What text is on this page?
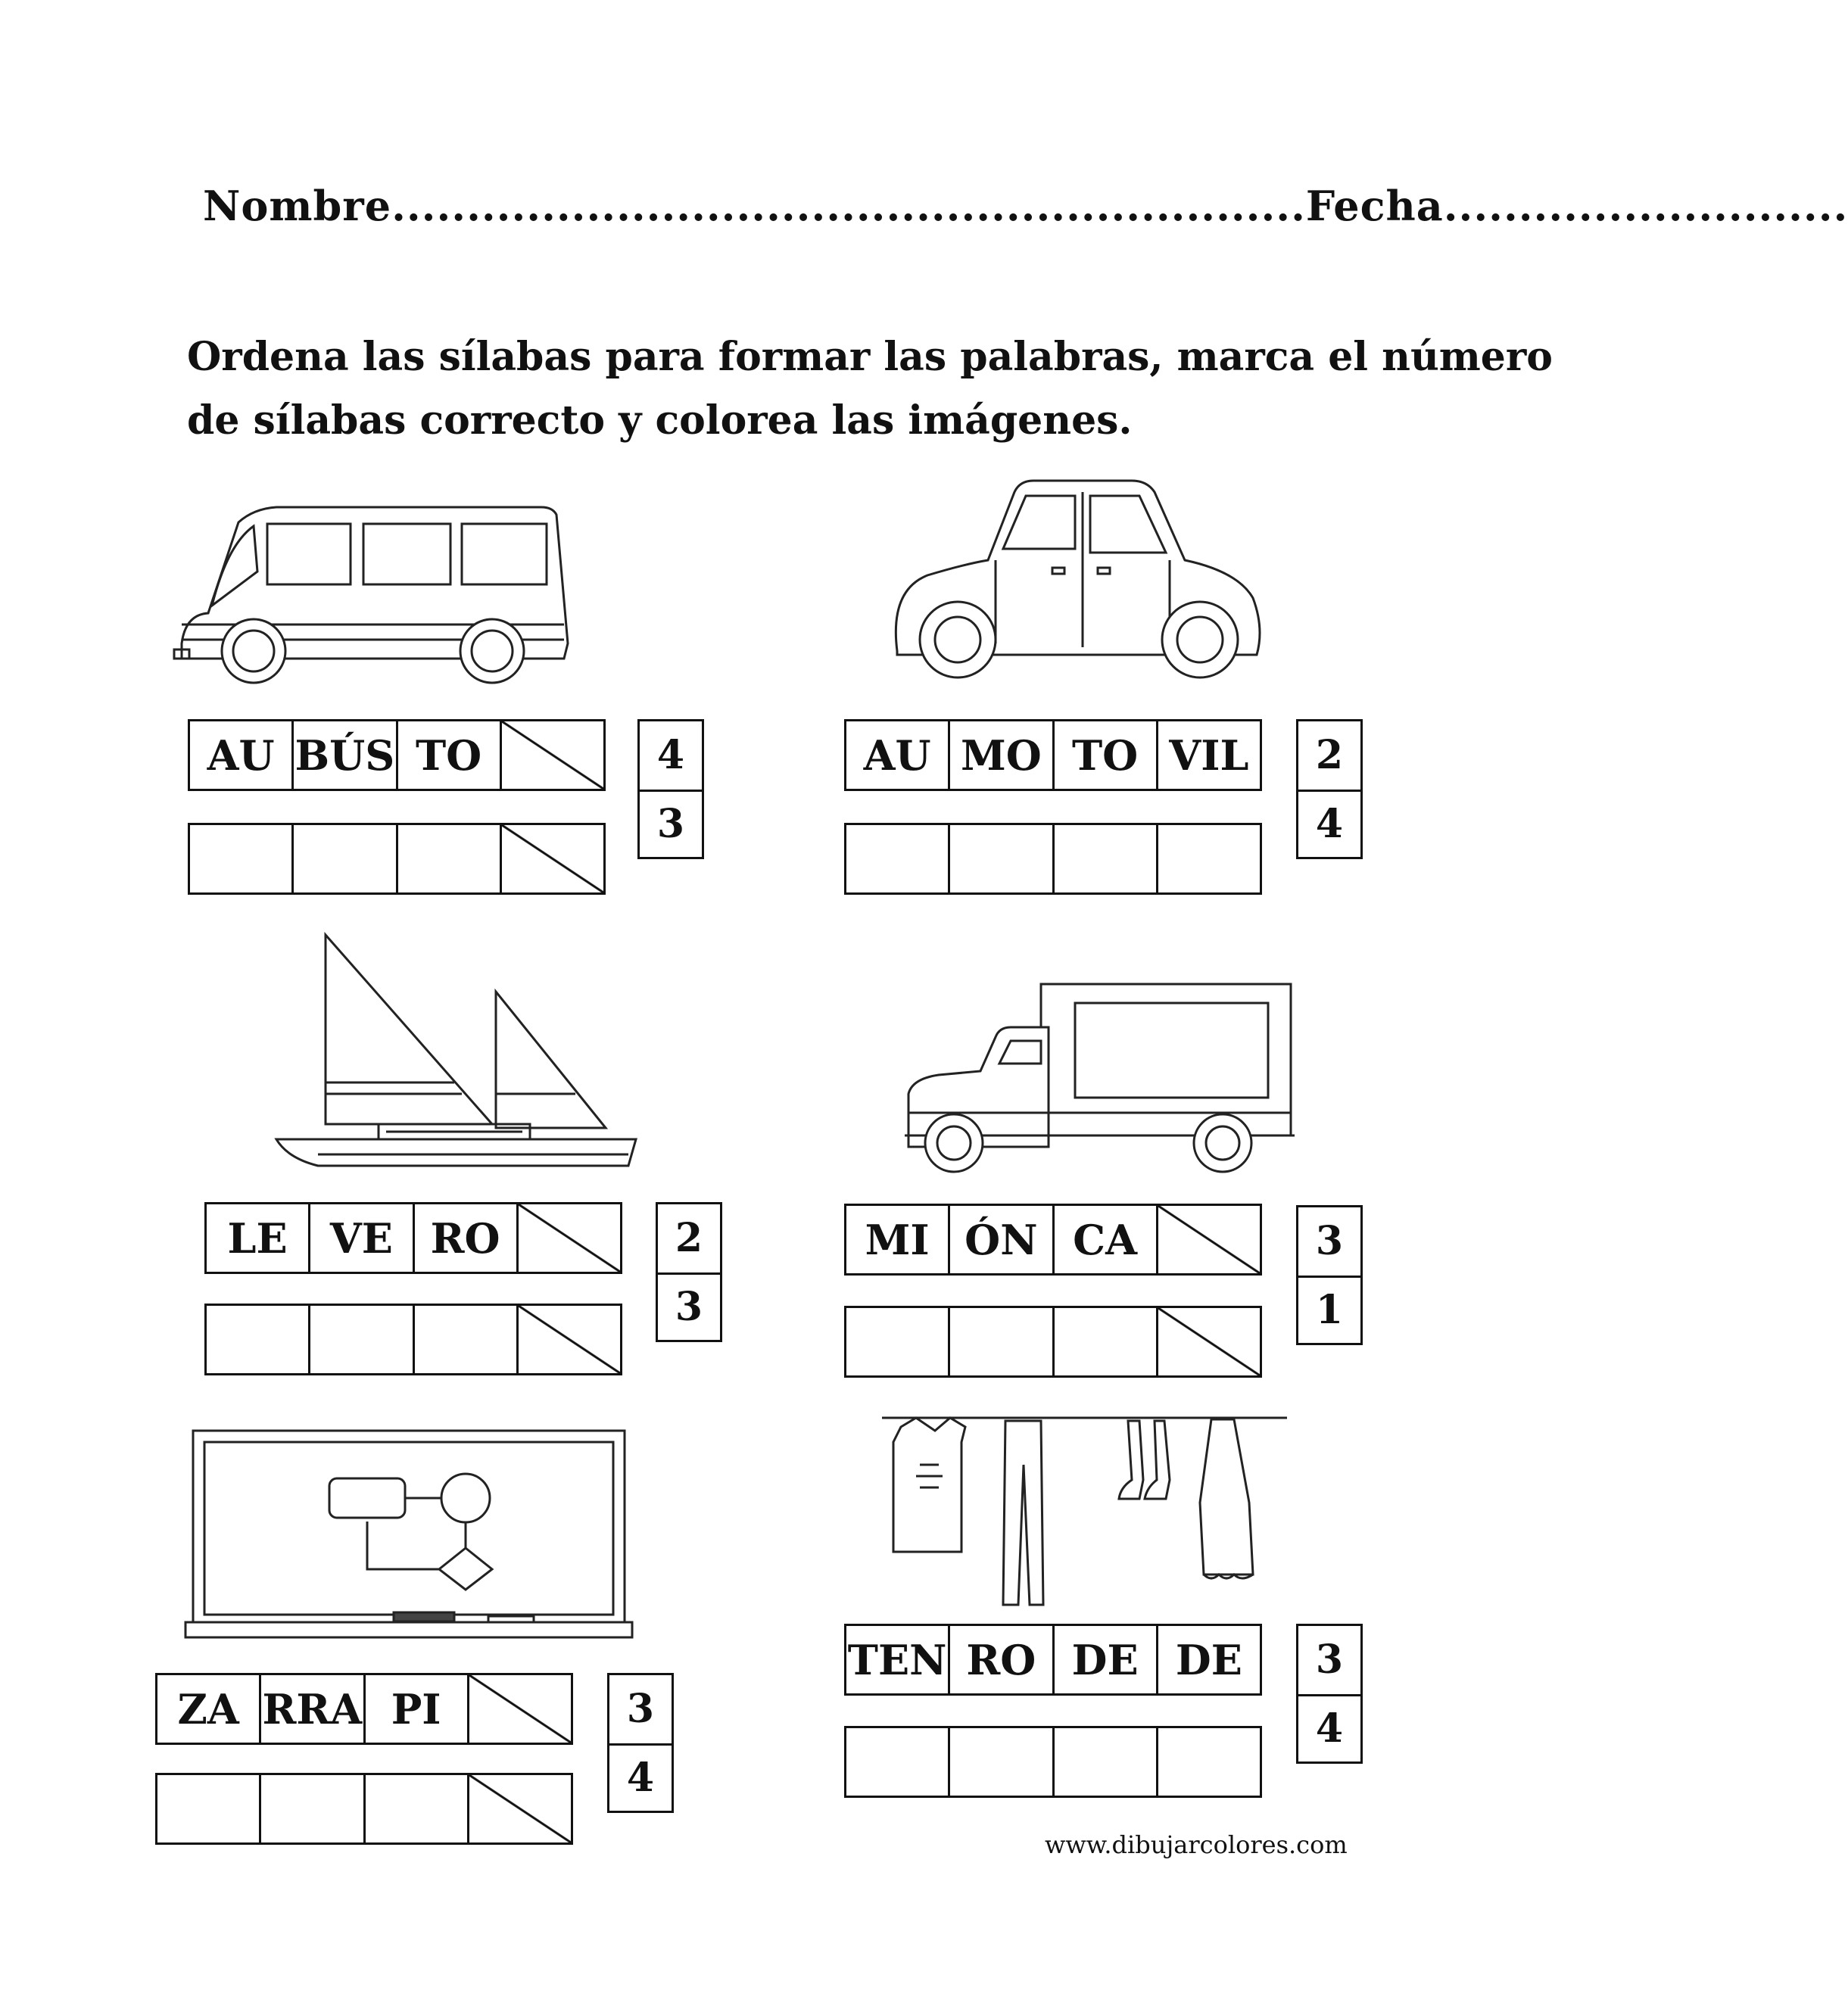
Nombre.............................................................Fecha...........................
Ordena las sílabas para formar las palabras, marca el número
de sílabas correcto y colorea las imágenes.
AU BÚS TO	4
3
AU MO TO VIL	2
4
LE	VE RO	2
3
MI ÓN CA	3
1
ZA RRA PI	3
4
TEN RO DE DE	3
4
www.dibujarcolores.com
